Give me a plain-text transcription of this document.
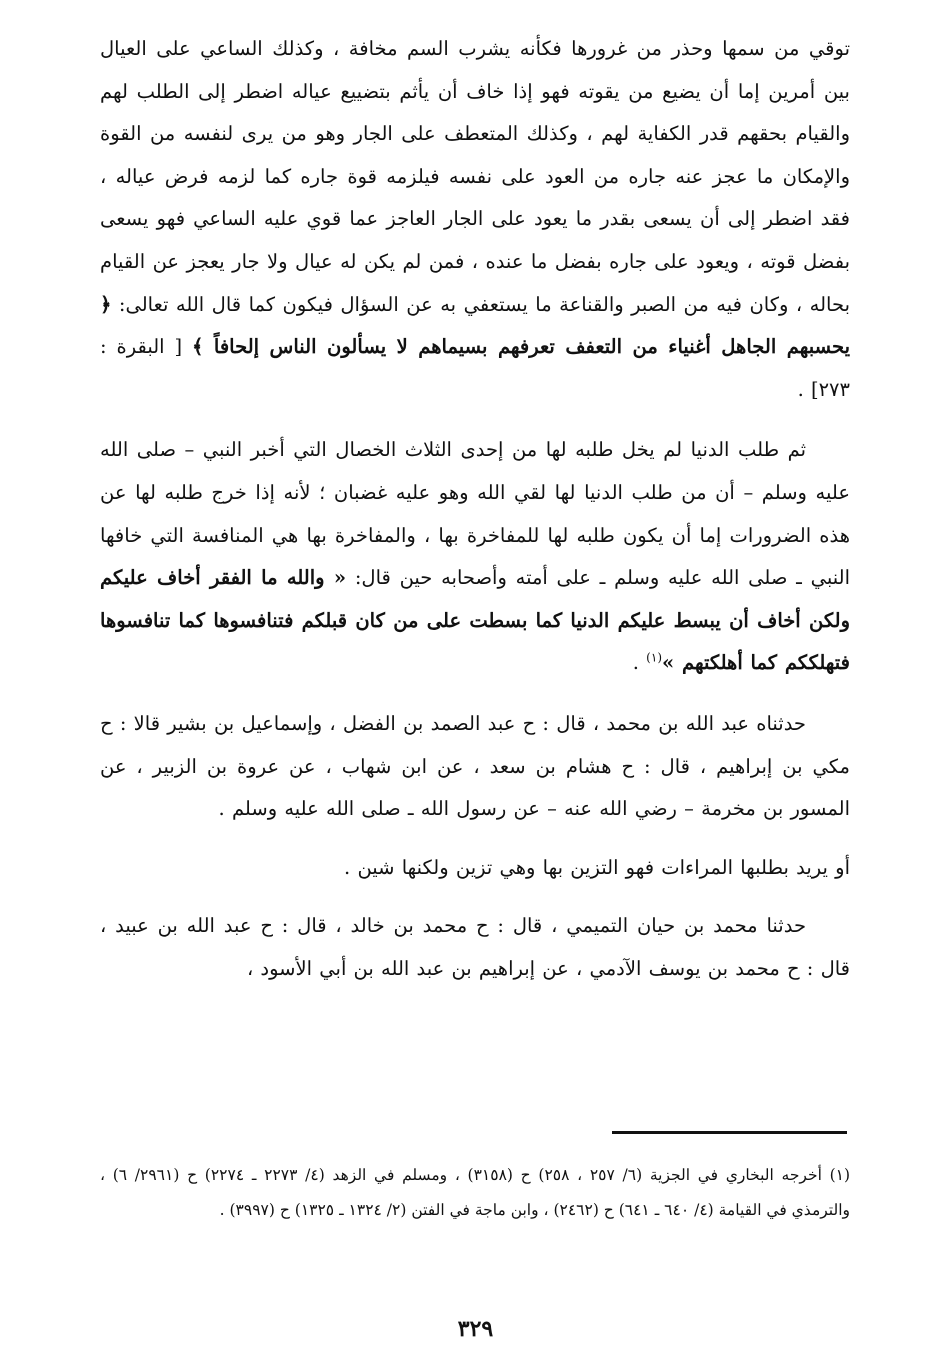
توقي من سمها وحذر من غرورها فكأنه يشرب السم مخافة ، وكذلك الساعي على العيال بين أمرين إما أن يضيع من يقوته فهو إذا خاف أن يأثم بتضييع عياله اضطر إلى الطلب لهم والقيام بحقهم قدر الكفاية لهم ، وكذلك المتعطف على الجار وهو من يرى لنفسه من القوة والإمكان ما عجز عنه جاره من العود على نفسه فيلزمه قوة جاره كما لزمه فرض عياله ، فقد اضطر إلى أن يسعى بقدر ما يعود على الجار العاجز عما قوي عليه الساعي فهو يسعى بفضل قوته ، ويعود على جاره بفضل ما عنده ، فمن لم يكن له عيال ولا جار يعجز عن القيام بحاله ، وكان فيه من الصبر والقناعة ما يستعفي به عن السؤال فيكون كما قال الله تعالى: ﴿ يحسبهم الجاهل أغنياء من التعفف تعرفهم بسيماهم لا يسألون الناس إلحافاً ﴾ [ البقرة : ٢٧٣] .

ثم طلب الدنيا لم يخل طلبه لها من إحدى الثلاث الخصال التي أخبر النبي – صلى الله عليه وسلم – أن من طلب الدنيا لها لقي الله وهو عليه غضبان ؛ لأنه إذا خرج طلبه لها عن هذه الضرورات إما أن يكون طلبه لها للمفاخرة بها ، والمفاخرة بها هي المنافسة التي خافها النبي ـ صلى الله عليه وسلم ـ على أمته وأصحابه حين قال: « والله ما الفقر أخاف عليكم ولكن أخاف أن يبسط عليكم الدنيا كما بسطت على من كان قبلكم فتنافسوها كما تنافسوها فتهلككم كما أهلكتهم »$^{(١)}$ .

حدثناه عبد الله بن محمد ، قال : ح عبد الصمد بن الفضل ، وإسماعيل بن بشير قالا : ح مكي بن إبراهيم ، قال : ح هشام بن سعد ، عن ابن شهاب ، عن عروة بن الزبير ، عن المسور بن مخرمة – رضي الله عنه – عن رسول الله ـ صلى الله عليه وسلم .

أو يريد بطلبها المراءات فهو التزين بها وهي تزين ولكنها شين .

حدثنا محمد بن حيان التميمي ، قال : ح محمد بن خالد ، قال : ح عبد الله بن عبيد ، قال : ح محمد بن يوسف الآدمي ، عن إبراهيم بن عبد الله بن أبي الأسود ،

(١) أخرجه البخاري في الجزية (٦/ ٢٥٧ ، ٢٥٨) ح (٣١٥٨) ، ومسلم في الزهد (٤/ ٢٢٧٣ ـ ٢٢٧٤) ح (٢٩٦١/ ٦) ، والترمذي في القيامة (٤/ ٦٤٠ ـ ٦٤١) ح (٢٤٦٢) ، وابن ماجة في الفتن (٢/ ١٣٢٤ ـ ١٣٢٥) ح (٣٩٩٧) .

٣٢٩
